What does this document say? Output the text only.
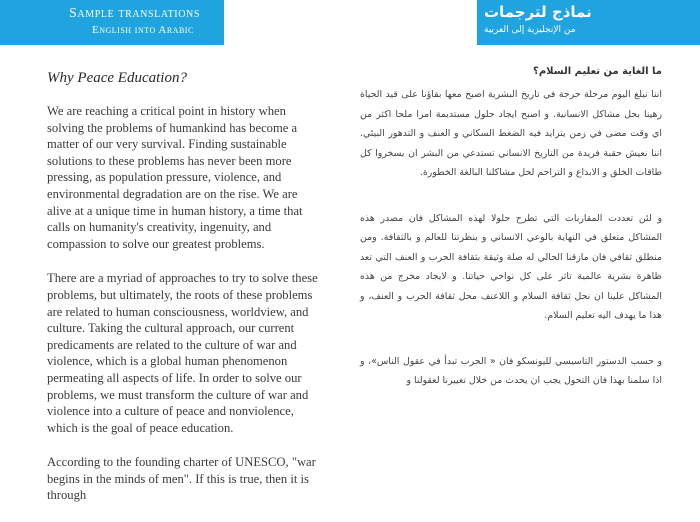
Sample translations
English into Arabic
نماذج لترجمات
من الإنجليزية إلى العربية
Why Peace Education?

We are reaching a critical point in history when solving the problems of humankind has become a matter of our very survival. Finding sustainable solutions to these problems has never been more pressing, as population pressure, violence, and environmental degradation are on the rise. We are alive at a unique time in human history, a time that calls on humanity's creativity, ingenuity, and compassion to solve our greatest problems.

There are a myriad of approaches to try to solve these problems, but ultimately, the roots of these problems are related to human consciousness, worldview, and culture. Taking the cultural approach, our current predicaments are related to the culture of war and violence, which is a global human phenomenon permeating all aspects of life. In order to solve our problems, we must transform the culture of war and violence into a culture of peace and nonviolence, which is the goal of peace education.

According to the founding charter of UNESCO, "war begins in the minds of men". If this is true, then it is through

ما الغاية من تعليم السلام؟

اننا نبلغ اليوم مرحلة حرجة في تاريخ البشرية اصبح معها بقاؤنا على قيد الحياة رهينا بحل مشاكل الانسانية. و اصبح ايجاد حلول مستديمة امرا ملحا اكثر من اي وقت مضى في زمن يتزايد فيه الضغط السكاني و العنف و التدهور البيئي. اننا نعيش حقبة فريدة من التاريخ الانساني تستدعي من البشر ان يسخروا كل طاقات الخلق و الابداع و التراحم لحل مشاكلنا البالغة الخطورة.

و لئن تعددت المقاربات التي تطرح حلولا لهذه المشاكل فان مصدر هذه المشاكل متعلق في النهاية بالوعي الانساني و بنظرتنا للعالم و بالثقافة. ومن منطلق ثقافي فان مازقنا الحالي له صلة وثيقة بثقافة الحرب و العنف التي تعد ظاهرة بشرية عالمية تاثر على كل نواحي حياتنا. و لايجاد مخرج من هذه المشاكل علينا ان نحل ثقافة السلام و اللاعنف محل ثقافة الحرب و العنف، و هذا ما يهدف اليه تعليم السلام.

و حسب الدستور التاسيسي لليونسكو فان « الحرب تبدأ في عقول الناس»، و اذا سلمنا بهذا فان التحول يجب ان يحدث من خلال تغييرنا لعقولنا و
